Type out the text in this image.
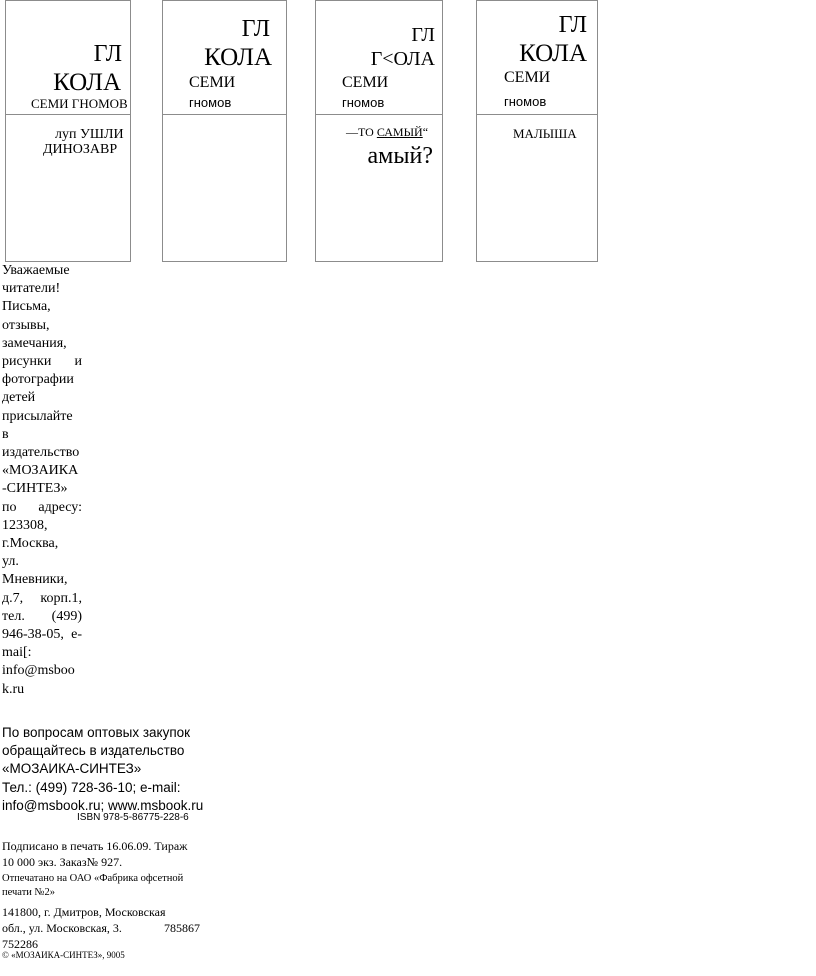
ГЛ
КОЛА
СЕМИ ГНОМОВ
луп УШЛИ
ДИНОЗАВР
ГЛ
КОЛА
СЕМИ
гномов
ГЛ
Г<ОЛА
СЕМИ
гномов
—ТО САМЫЙ“
амый?
ГЛ
КОЛА
СЕМИ
гномов
МАЛЫША
Уважаемые
читатели!
Письма,
отзывы,
замечания,
рисунки и
фотографии
детей
присылайте
в
издательство
«МОЗАИКА
-СИНТЕЗ»
по адресу:
123308,
г.Москва,
ул.
Мневники,
д.7, корп.1,
тел. (499)
946-38-05, е-
mai[:
info@msboo
k.ru
По вопросам оптовых закупок
обращайтесь в издательство
«МОЗАИКА-СИНТЕЗ»
Тел.: (499) 728-36-10; e-mail:
info@msbook.ru; www.msbook.ru
ISBN 978-5-86775-228-6
Подписано в печать 16.06.09. Тираж
10 000 экз. Заказ№ 927.
Отпечатано на ОАО «Фабрика офсетной
печати №2»
141800, г. Дмитров, Московская
обл., ул. Московская, 3.	785867
752286
© «МОЗАИКА-СИНТЕЗ», 9005
